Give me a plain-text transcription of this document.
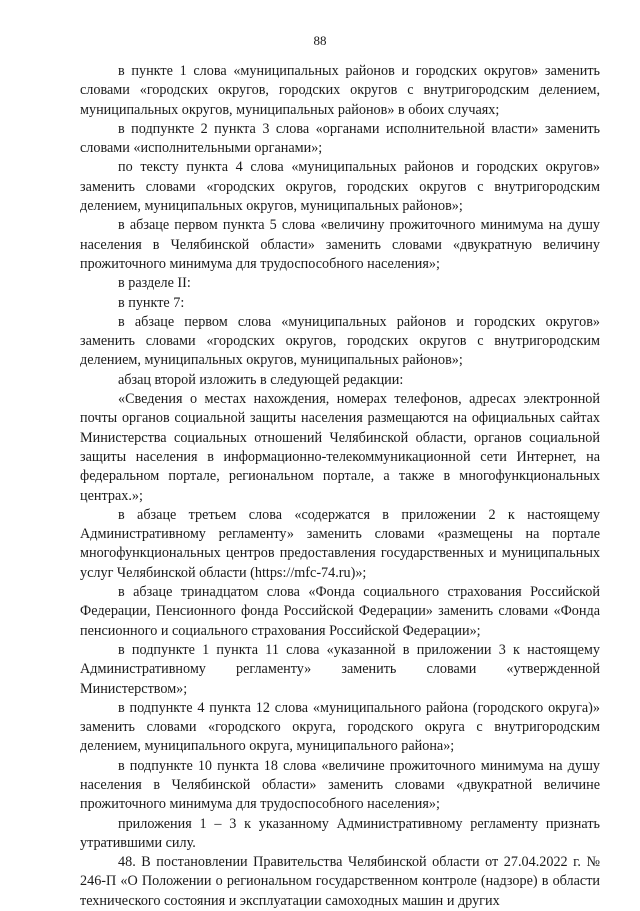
88

в пункте 1 слова «муниципальных районов и городских округов» заменить словами «городских округов, городских округов с внутригородским делением, муниципальных округов, муниципальных районов» в обоих случаях;

в подпункте 2 пункта 3 слова «органами исполнительной власти» заменить словами «исполнительными органами»;

по тексту пункта 4 слова «муниципальных районов и городских округов» заменить словами «городских округов, городских округов с внутригородским делением, муниципальных округов, муниципальных районов»;

в абзаце первом пункта 5 слова «величину прожиточного минимума на душу населения в Челябинской области» заменить словами «двукратную величину прожиточного минимума для трудоспособного населения»;

в разделе II:

в пункте 7:

в абзаце первом слова «муниципальных районов и городских округов» заменить словами «городских округов, городских округов с внутригородским делением, муниципальных округов, муниципальных районов»;

абзац второй изложить в следующей редакции:

«Сведения о местах нахождения, номерах телефонов, адресах электронной почты органов социальной защиты населения размещаются на официальных сайтах Министерства социальных отношений Челябинской области, органов социальной защиты населения в информационно-телекоммуникационной сети Интернет, на федеральном портале, региональном портале, а также в многофункциональных центрах.»;

в абзаце третьем слова «содержатся в приложении 2 к настоящему Административному регламенту» заменить словами «размещены на портале многофункциональных центров предоставления государственных и муниципальных услуг Челябинской области (https://mfc-74.ru)»;

в абзаце тринадцатом слова «Фонда социального страхования Российской Федерации, Пенсионного фонда Российской Федерации» заменить словами «Фонда пенсионного и социального страхования Российской Федерации»;

в подпункте 1 пункта 11 слова «указанной в приложении 3 к настоящему Административному регламенту» заменить словами «утвержденной Министерством»;

в подпункте 4 пункта 12 слова «муниципального района (городского округа)» заменить словами «городского округа, городского округа с внутригородским делением, муниципального округа, муниципального района»;

в подпункте 10 пункта 18 слова «величине прожиточного минимума на душу населения в Челябинской области» заменить словами «двукратной величине прожиточного минимума для трудоспособного населения»;

приложения 1 – 3 к указанному Административному регламенту признать утратившими силу.

48. В постановлении Правительства Челябинской области от 27.04.2022 г. № 246-П «О Положении о региональном государственном контроле (надзоре) в области технического состояния и эксплуатации самоходных машин и других
